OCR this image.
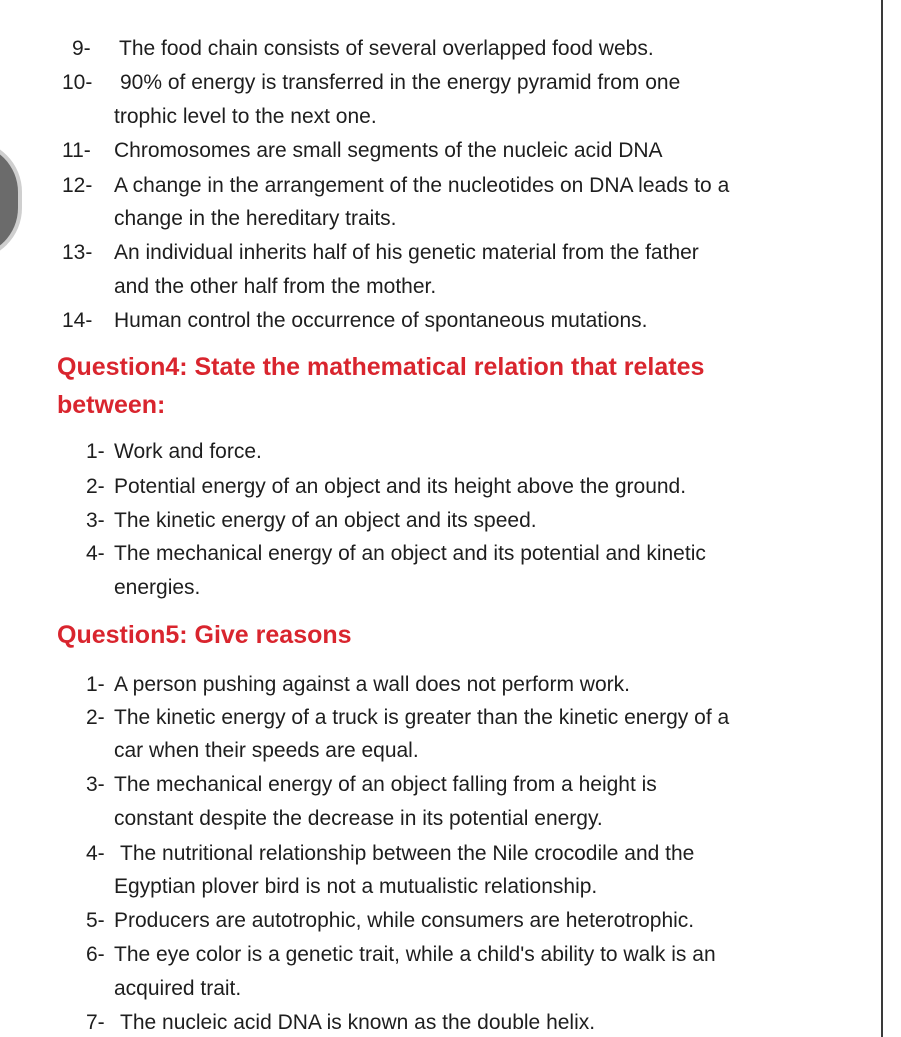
9- The food chain consists of several overlapped food webs.
10- 90% of energy is transferred in the energy pyramid from one
trophic level to the next one.
11- Chromosomes are small segments of the nucleic acid DNA
12- A change in the arrangement of the nucleotides on DNA leads to a
change in the hereditary traits.
13- An individual inherits half of his genetic material from the father
and the other half from the mother.
14- Human control the occurrence of spontaneous mutations.
Question4: State the mathematical relation that relates
between:
1- Work and force.
2- Potential energy of an object and its height above the ground.
3- The kinetic energy of an object and its speed.
4- The mechanical energy of an object and its potential and kinetic
energies.
Question5: Give reasons
1- A person pushing against a wall does not perform work.
2- The kinetic energy of a truck is greater than the kinetic energy of a
car when their speeds are equal.
3- The mechanical energy of an object falling from a height is
constant despite the decrease in its potential energy.
4- The nutritional relationship between the Nile crocodile and the
Egyptian plover bird is not a mutualistic relationship.
5- Producers are autotrophic, while consumers are heterotrophic.
6- The eye color is a genetic trait, while a child's ability to walk is an
acquired trait.
7- The nucleic acid DNA is known as the double helix.
